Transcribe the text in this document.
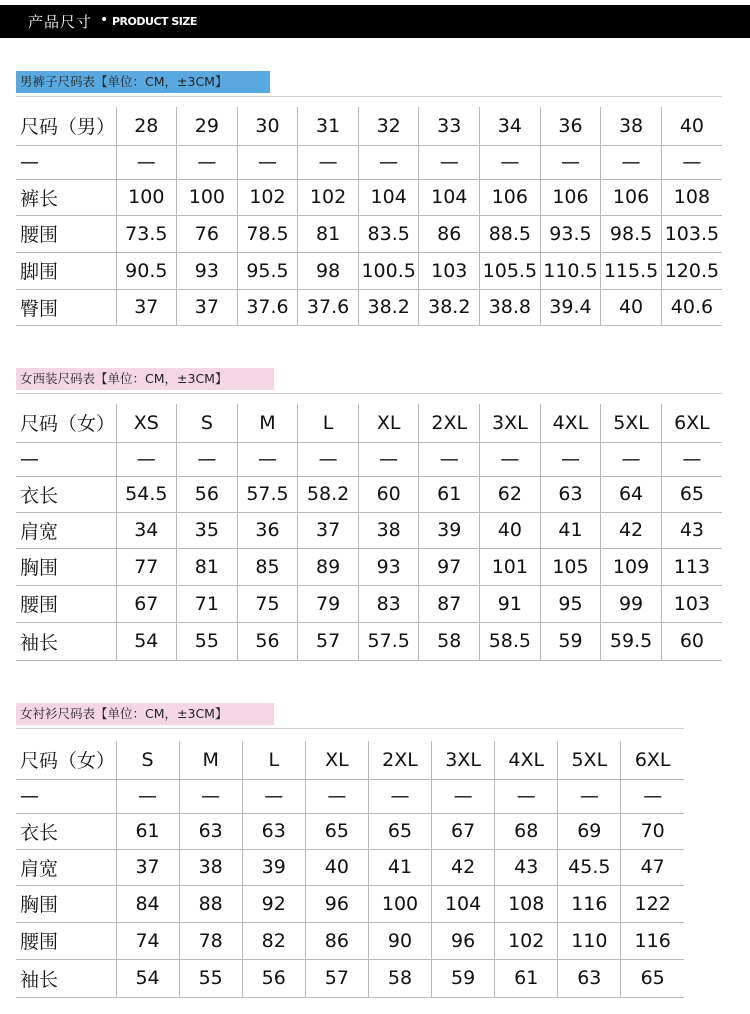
产品尺寸 • PRODUCT SIZE
男裤子尺码表【单位：CM，±3CM】
尺码（男）	28	29	30	31	32	33	34	36	38	40
—	—	—	—	—	—	—	—	—	—	—
裤长	100	100	102	102	104	104	106	106	106	108
腰围	73.5	76	78.5	81	83.5	86	88.5	93.5	98.5	103.5
脚围	90.5	93	95.5	98	100.5	103	105.5	110.5	115.5	120.5
臀围	37	37	37.6	37.6	38.2	38.2	38.8	39.4	40	40.6
女西装尺码表【单位：CM，±3CM】
尺码（女）	XS	S	M	L	XL	2XL	3XL	4XL	5XL	6XL
—	—	—	—	—	—	—	—	—	—	—
衣长	54.5	56	57.5	58.2	60	61	62	63	64	65
肩宽	34	35	36	37	38	39	40	41	42	43
胸围	77	81	85	89	93	97	101	105	109	113
腰围	67	71	75	79	83	87	91	95	99	103
袖长	54	55	56	57	57.5	58	58.5	59	59.5	60
女衬衫尺码表【单位：CM，±3CM】
尺码（女）	S	M	L	XL	2XL	3XL	4XL	5XL	6XL
—	—	—	—	—	—	—	—	—	—
衣长	61	63	63	65	65	67	68	69	70
肩宽	37	38	39	40	41	42	43	45.5	47
胸围	84	88	92	96	100	104	108	116	122
腰围	74	78	82	86	90	96	102	110	116
袖长	54	55	56	57	58	59	61	63	65
